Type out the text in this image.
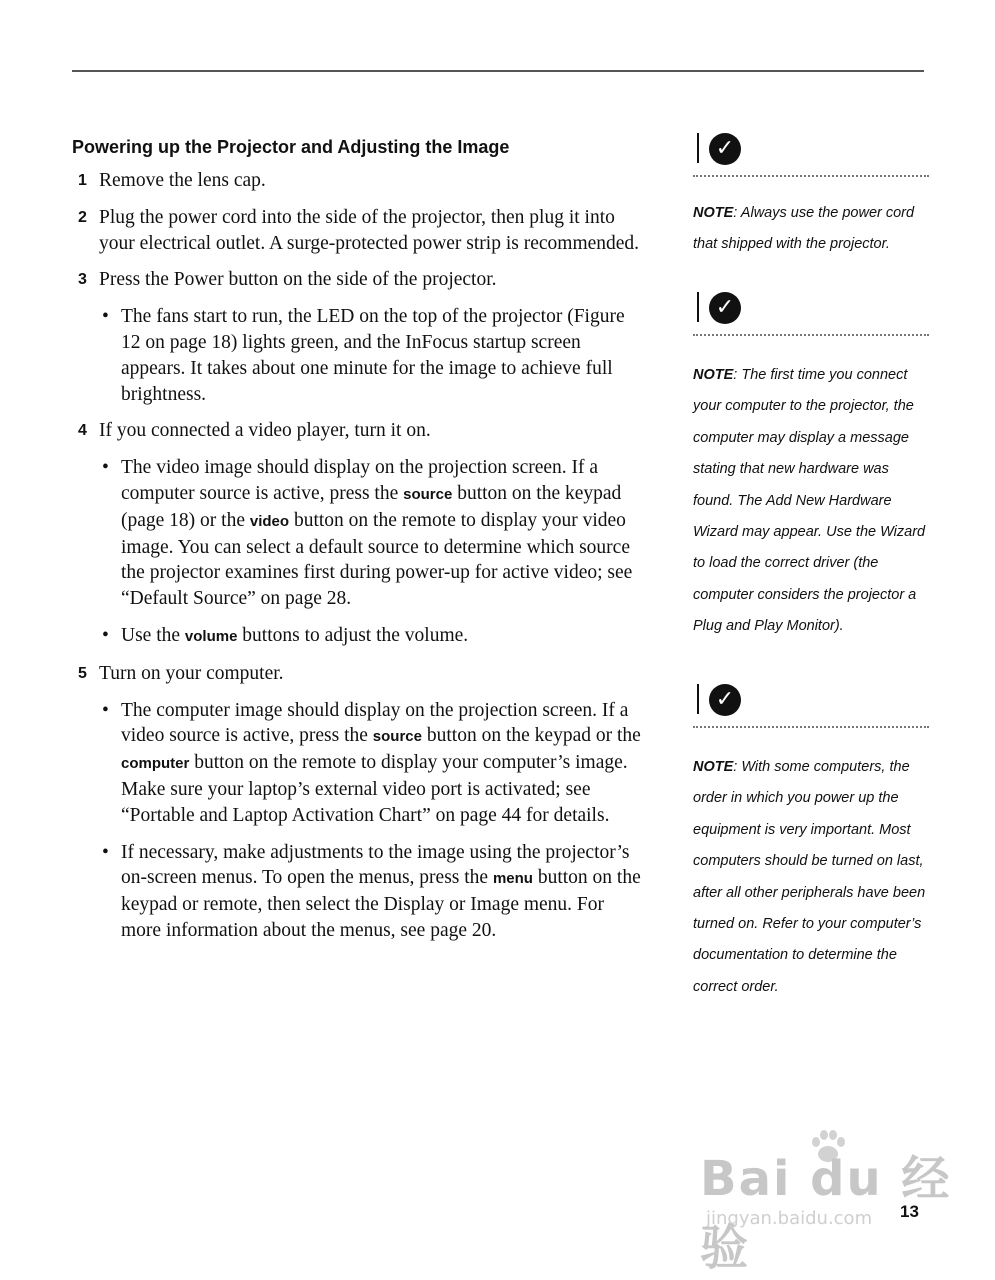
Powering up the Projector and Adjusting the Image
1 Remove the lens cap.
2 Plug the power cord into the side of the projector, then plug it into your electrical outlet. A surge-protected power strip is recommended.
3 Press the Power button on the side of the projector.
• The fans start to run, the LED on the top of the projector (Figure 12 on page 18) lights green, and the InFocus startup screen appears. It takes about one minute for the image to achieve full brightness.
4 If you connected a video player, turn it on.
• The video image should display on the projection screen. If a computer source is active, press the source button on the keypad (page 18) or the video button on the remote to display your video image. You can select a default source to determine which source the projector examines first during power-up for active video; see “Default Source” on page 28.
• Use the volume buttons to adjust the volume.
5 Turn on your computer.
• The computer image should display on the projection screen. If a video source is active, press the source button on the keypad or the computer button on the remote to display your computer’s image. Make sure your laptop’s external video port is activated; see “Portable and Laptop Activation Chart” on page 44 for details.
• If necessary, make adjustments to the image using the projector’s on-screen menus. To open the menus, press the menu button on the keypad or remote, then select the Display or Image menu. For more information about the menus, see page 20.
✓
NOTE: Always use the power cord that shipped with the projector.
✓
NOTE: The first time you connect your computer to the projector, the computer may display a message stating that new hardware was found. The Add New Hardware Wizard may appear. Use the Wizard to load the correct driver (the computer considers the projector a Plug and Play Monitor).
✓
NOTE: With some computers, the order in which you power up the equipment is very important. Most computers should be turned on last, after all other peripherals have been turned on. Refer to your computer’s documentation to determine the correct order.
Bai du 经验
jingyan.baidu.com 13
